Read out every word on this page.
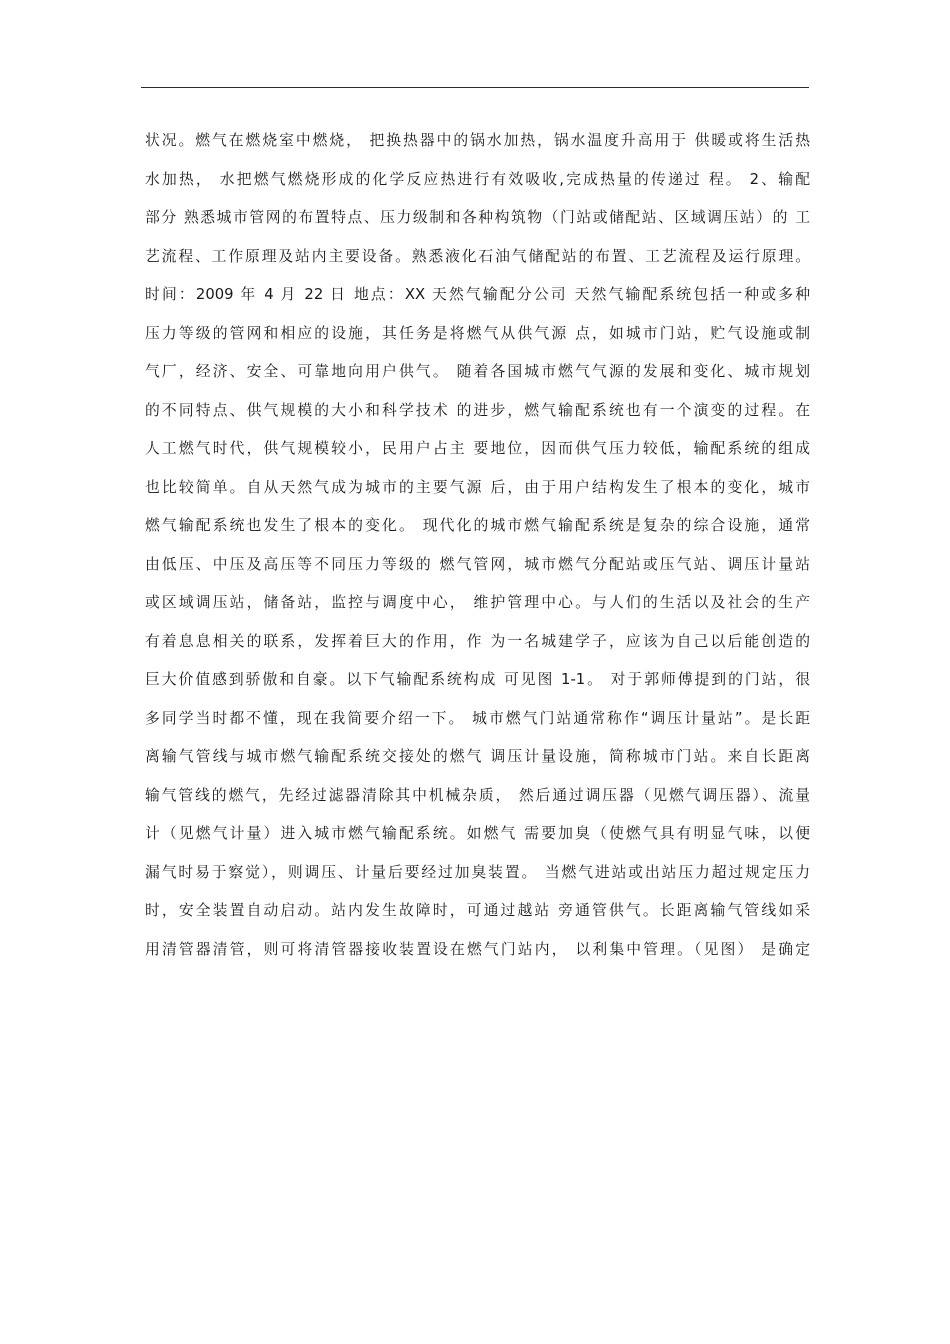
状况。燃气在燃烧室中燃烧， 把换热器中的锅水加热，锅水温度升高用于 供暖或将生活热
水加热， 水把燃气燃烧形成的化学反应热进行有效吸收,完成热量的传递过 程。 2、输配
部分 熟悉城市管网的布置特点、压力级制和各种构筑物（门站或储配站、区域调压站）的 工
艺流程、工作原理及站内主要设备。熟悉液化石油气储配站的布置、工艺流程及运行原理。
时间：2009 年 4 月 22 日 地点：XX 天然气输配分公司 天然气输配系统包括一种或多种
压力等级的管网和相应的设施，其任务是将燃气从供气源 点，如城市门站，贮气设施或制
气厂，经济、安全、可靠地向用户供气。 随着各国城市燃气气源的发展和变化、城市规划
的不同特点、供气规模的大小和科学技术 的进步，燃气输配系统也有一个演变的过程。在
人工燃气时代，供气规模较小，民用户占主 要地位，因而供气压力较低，输配系统的组成
也比较简单。自从天然气成为城市的主要气源 后，由于用户结构发生了根本的变化，城市
燃气输配系统也发生了根本的变化。 现代化的城市燃气输配系统是复杂的综合设施，通常
由低压、中压及高压等不同压力等级的 燃气管网，城市燃气分配站或压气站、调压计量站
或区域调压站，储备站，监控与调度中心， 维护管理中心。与人们的生活以及社会的生产
有着息息相关的联系，发挥着巨大的作用，作 为一名城建学子，应该为自己以后能创造的
巨大价值感到骄傲和自豪。以下气输配系统构成 可见图 1-1。 对于郭师傅提到的门站，很
多同学当时都不懂，现在我简要介绍一下。 城市燃气门站通常称作“调压计量站”。是长距
离输气管线与城市燃气输配系统交接处的燃气 调压计量设施，简称城市门站。来自长距离
输气管线的燃气，先经过滤器清除其中机械杂质， 然后通过调压器（见燃气调压器）、流量
计（见燃气计量）进入城市燃气输配系统。如燃气 需要加臭（使燃气具有明显气味，以便
漏气时易于察觉），则调压、计量后要经过加臭装置。 当燃气进站或出站压力超过规定压力
时，安全装置自动启动。站内发生故障时，可通过越站 旁通管供气。长距离输气管线如采
用清管器清管，则可将清管器接收装置设在燃气门站内， 以利集中管理。（见图） 是确定
